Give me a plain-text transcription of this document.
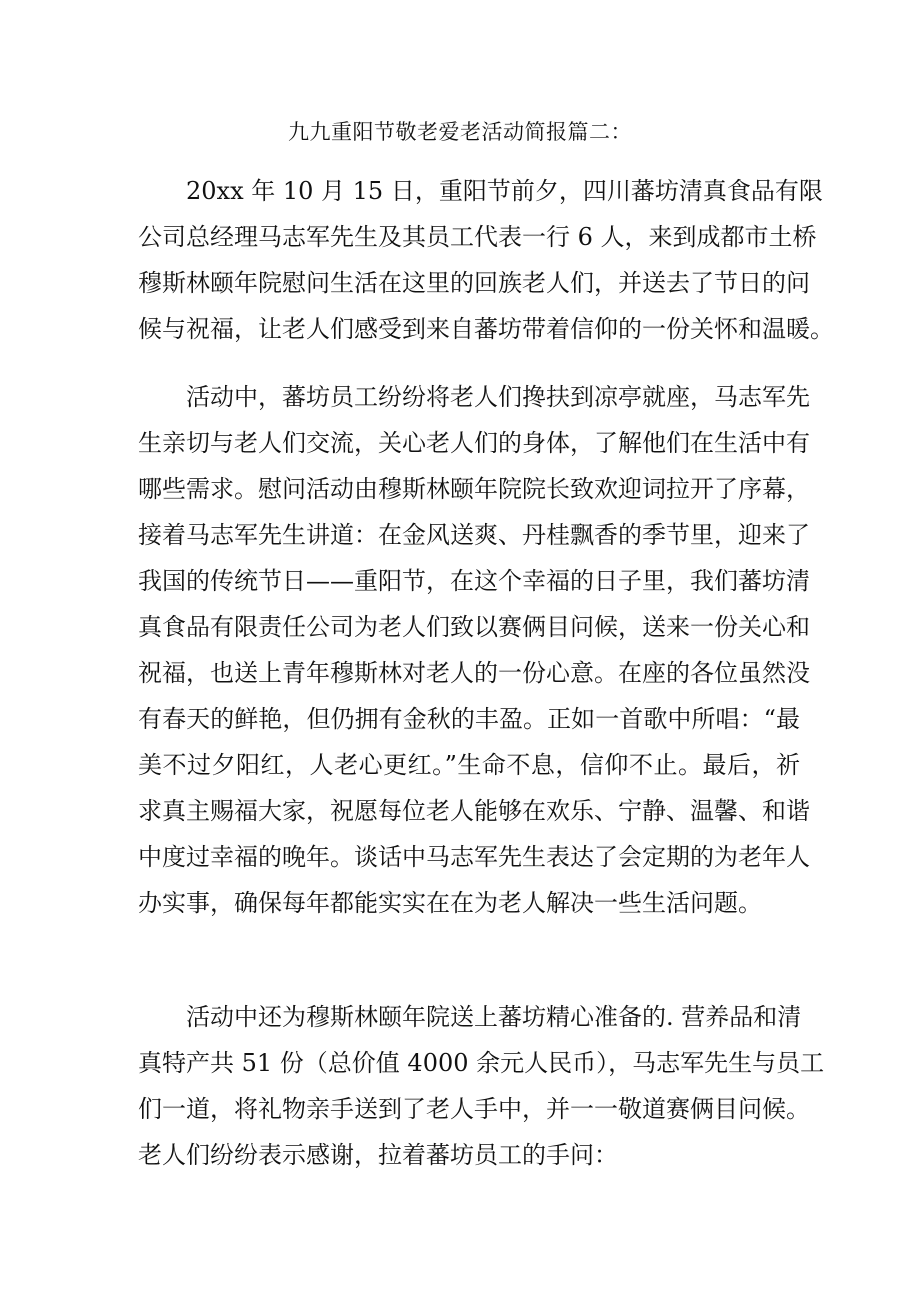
九九重阳节敬老爱老活动简报篇二：
20xx 年 10 月 15 日，重阳节前夕，四川蕃坊清真食品有限
公司总经理马志军先生及其员工代表一行 6 人，来到成都市土桥
穆斯林颐年院慰问生活在这里的回族老人们，并送去了节日的问
候与祝福，让老人们感受到来自蕃坊带着信仰的一份关怀和温暖。
活动中，蕃坊员工纷纷将老人们搀扶到凉亭就座，马志军先
生亲切与老人们交流，关心老人们的身体，了解他们在生活中有
哪些需求。慰问活动由穆斯林颐年院院长致欢迎词拉开了序幕，
接着马志军先生讲道：在金风送爽、丹桂飘香的季节里，迎来了
我国的传统节日——重阳节，在这个幸福的日子里，我们蕃坊清
真食品有限责任公司为老人们致以赛俩目问候，送来一份关心和
祝福，也送上青年穆斯林对老人的一份心意。在座的各位虽然没
有春天的鲜艳，但仍拥有金秋的丰盈。正如一首歌中所唱：“最
美不过夕阳红，人老心更红。”生命不息，信仰不止。最后，祈
求真主赐福大家，祝愿每位老人能够在欢乐、宁静、温馨、和谐
中度过幸福的晚年。谈话中马志军先生表达了会定期的为老年人
办实事，确保每年都能实实在在为老人解决一些生活问题。
活动中还为穆斯林颐年院送上蕃坊精心准备的. 营养品和清
真特产共 51 份（总价值 4000 余元人民币），马志军先生与员工
们一道，将礼物亲手送到了老人手中，并一一敬道赛俩目问候。
老人们纷纷表示感谢，拉着蕃坊员工的手问：
